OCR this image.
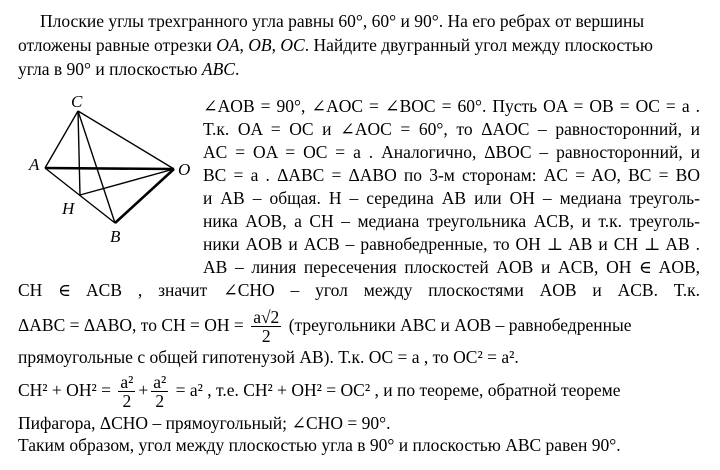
Плоские углы трехгранного угла равны 60°, 60° и 90°. На его ребрах от вершины
отложены равные отрезки OA, OB, OC. Найдите двугранный угол между плоскостью
угла в 90° и плоскостью ABC.
C
A	O
H
B
∠AOB = 90°, ∠AOC = ∠BOC = 60°. Пусть OA = OB = OC = a .
Т.к. OA = OC и ∠AOC = 60°, то ΔAOC – равносторонний, и
AC = OA = OC = a . Аналогично, ΔBOC – равносторонний, и
BC = a . ΔABC = ΔABO по 3-м сторонам: AC = AO, BC = BO
и AB – общая. H – середина AB или OH – медиана треуголь-
ника AOB, а CH – медиана треугольника ACB, и т.к. треуголь-
ники AOB и ACB – равнобедренные, то OH ⊥ AB и CH ⊥ AB .
AB – линия пересечения плоскостей AOB и ACB, OH ∈ AOB,
CH ∈ ACB , значит ∠CHO – угол между плоскостями AOB и ACB. Т.к.
ΔABC = ΔABO, то CH = OH = $\frac{a√2}{2}$ (треугольники ABC и AOB – равнобедренные
прямоугольные с общей гипотенузой AB). Т.к. OC = a , то OC² = a².
$CH^2 + OH^2 = \frac{\text{a²}}{2} + \frac{\text{a²}}{2} = a^2$ , т.е. CH² + OH² = OC² , и по теореме, обратной теореме
Пифагора, ΔCHO – прямоугольный; ∠CHO = 90°.
Таким образом, угол между плоскостью угла в 90° и плоскостью ABC равен 90°.
